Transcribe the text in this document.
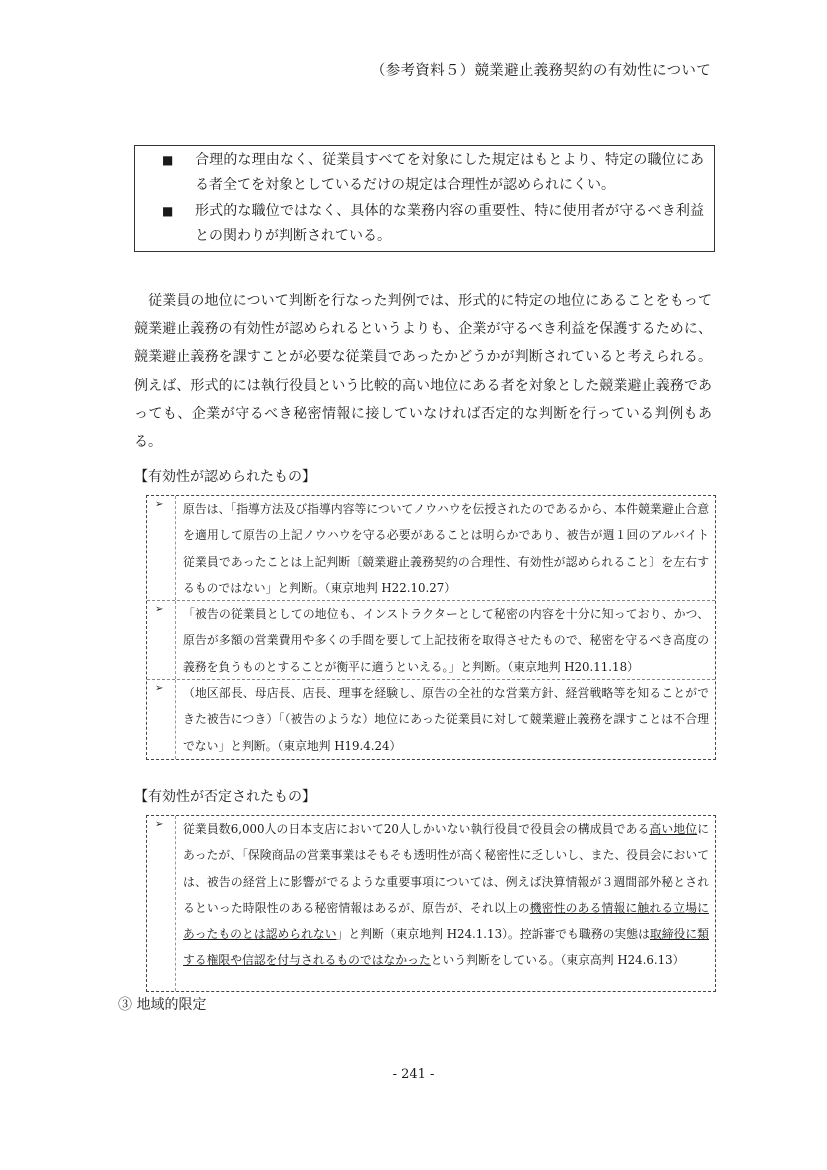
（参考資料５）競業避止義務契約の有効性について
■ 合理的な理由なく、従業員すべてを対象にした規定はもとより、特定の職位にある者全てを対象としているだけの規定は合理性が認められにくい。
■ 形式的な職位ではなく、具体的な業務内容の重要性、特に使用者が守るべき利益との関わりが判断されている。
　従業員の地位について判断を行なった判例では、形式的に特定の地位にあることをもって競業避止義務の有効性が認められるというよりも、企業が守るべき利益を保護するために、競業避止義務を課すことが必要な従業員であったかどうかが判断されていると考えられる。例えば、形式的には執行役員という比較的高い地位にある者を対象とした競業避止義務であっても、企業が守るべき秘密情報に接していなければ否定的な判断を行っている判例もある。
【有効性が認められたもの】
➢ 原告は、「指導方法及び指導内容等についてノウハウを伝授されたのであるから、本件競業避止合意を適用して原告の上記ノウハウを守る必要があることは明らかであり、被告が週１回のアルバイト従業員であったことは上記判断〔競業避止義務契約の合理性、有効性が認められること〕を左右するものではない」と判断。（東京地判 H22.10.27）
➢ 「被告の従業員としての地位も、インストラクターとして秘密の内容を十分に知っており、かつ、原告が多額の営業費用や多くの手間を要して上記技術を取得させたもので、秘密を守るべき高度の義務を負うものとすることが衡平に適うといえる。」と判断。（東京地判 H20.11.18）
➢ （地区部長、母店長、店長、理事を経験し、原告の全社的な営業方針、経営戦略等を知ることができた被告につき）「（被告のような）地位にあった従業員に対して競業避止義務を課すことは不合理でない」と判断。（東京地判 H19.4.24）
【有効性が否定されたもの】
➢ 従業員数6,000人の日本支店において20人しかいない執行役員で役員会の構成員である高い地位にあったが、「保険商品の営業事業はそもそも透明性が高く秘密性に乏しいし、また、役員会においては、被告の経営上に影響がでるような重要事項については、例えば決算情報が３週間部外秘とされるといった時限性のある秘密情報はあるが、原告が、それ以上の機密性のある情報に触れる立場にあったものとは認められない」と判断（東京地判 H24.1.13）。控訴審でも職務の実態は取締役に類する権限や信認を付与されるものではなかったという判断をしている。（東京高判 H24.6.13）
③ 地域的限定
- 241 -
